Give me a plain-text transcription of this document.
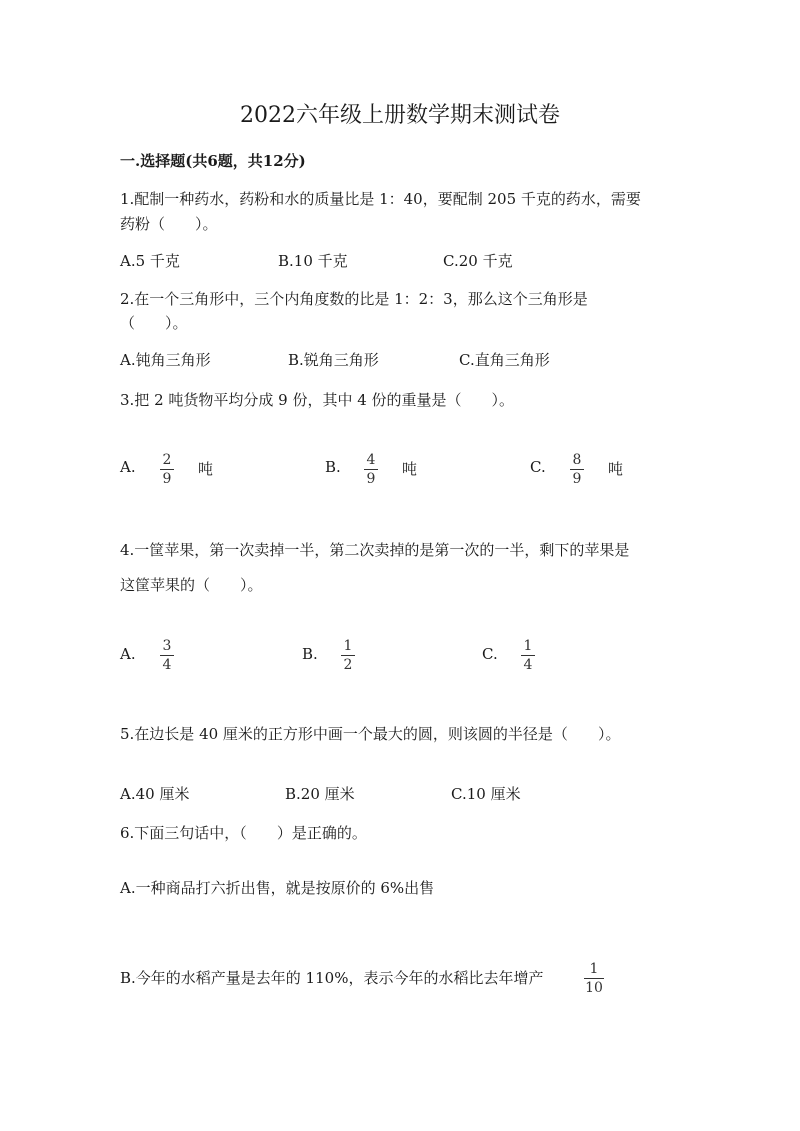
2022六年级上册数学期末测试卷
一.选择题(共6题，共12分)
1.配制一种药水，药粉和水的质量比是 1：40，要配制 205 千克的药水，需要
药粉（　　）。
A.5 千克	B.10 千克	C.20 千克
2.在一个三角形中，三个内角度数的比是 1：2：3，那么这个三角形是
（　　）。
A.钝角三角形	B.锐角三角形	C.直角三角形
3.把 2 吨货物平均分成 9 份，其中 4 份的重量是（　　）。
A. 2
9
吨	B. 4
9
吨	C. 8
9
吨
4.一筐苹果，第一次卖掉一半，第二次卖掉的是第一次的一半，剩下的苹果是
这筐苹果的（　　）。
A. 3
4
B. 1
2
C. 1
4
5.在边长是 40 厘米的正方形中画一个最大的圆，则该圆的半径是（　　）。
A.40 厘米	B.20 厘米	C.10 厘米
6.下面三句话中，（　　）是正确的。
A.一种商品打六折出售，就是按原价的 6%出售
B.今年的水稻产量是去年的 110%，表示今年的水稻比去年增产	1
10
